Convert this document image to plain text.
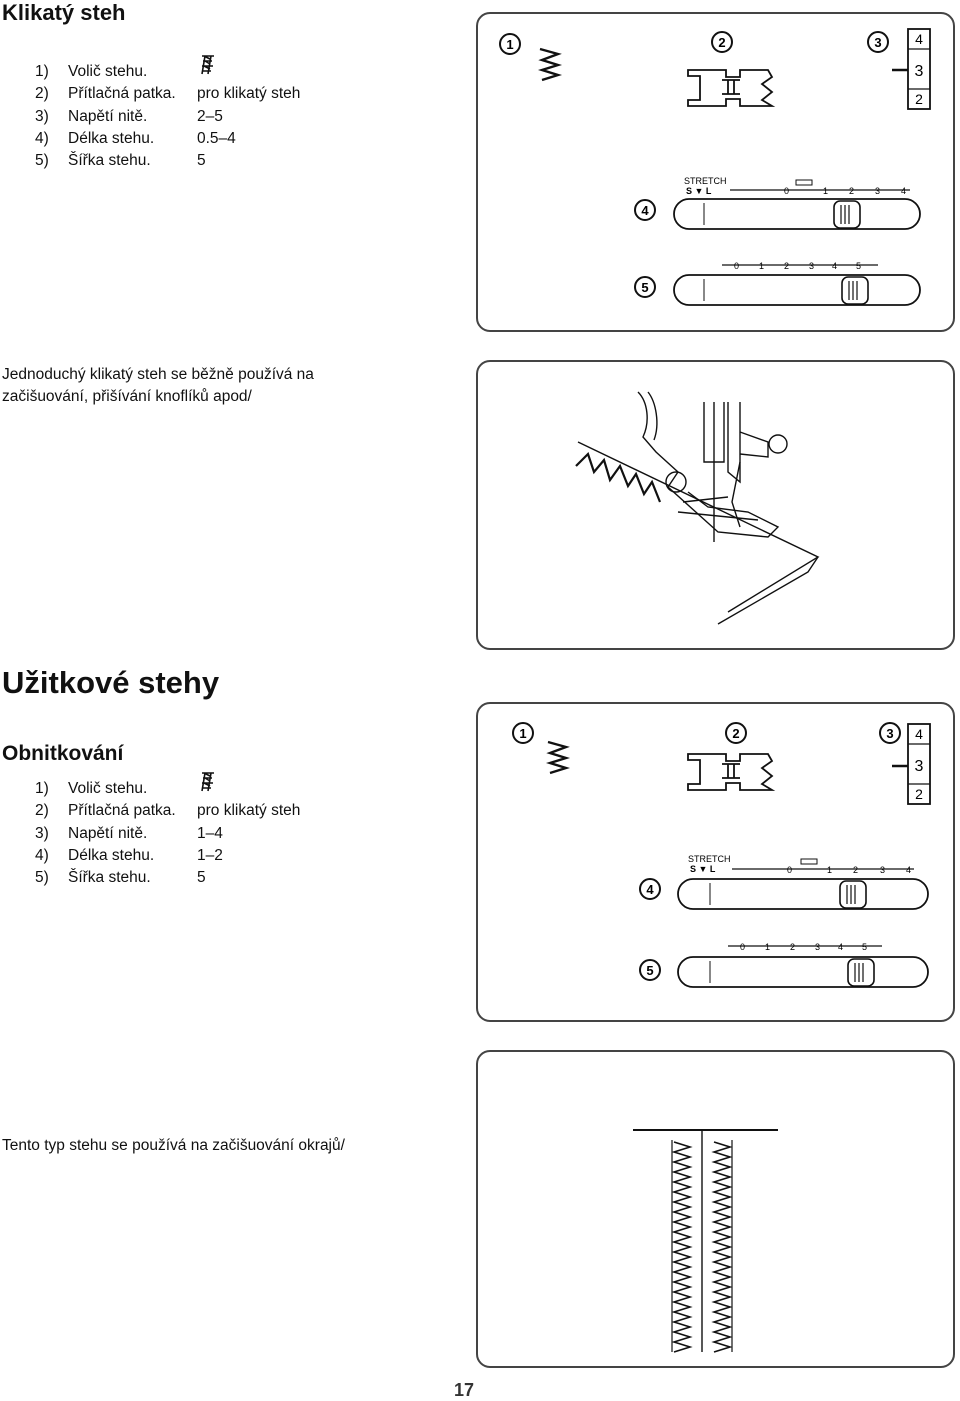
Klikatý steh
1) Volič stehu.
2) Přítlačná patka. pro klikatý steh
3) Napětí nitě.	2–5
4) Délka stehu.	0.5–4
5) Šířka stehu.	5
Jednoduchý klikatý steh se běžně používá na
začišuování, přišívání knoflíků apod/
1	2	3
4
5
4
3
2
STRETCH
S ▼ L	0	1 2 3 4
0 1 2 3 4 5
Užitkové stehy
Obnitkování
1) Volič stehu.
2) Přítlačná patka. pro klikatý steh
3) Napětí nitě.	1–4
4) Délka stehu.	1–2
5) Šířka stehu.	5
Tento typ stehu se používá na začišuování okrajů/
1	2	3
4
5
4
3
2
STRETCH
S ▼ L	0	1 2 3 4
0 1 2 3 4 5
17
